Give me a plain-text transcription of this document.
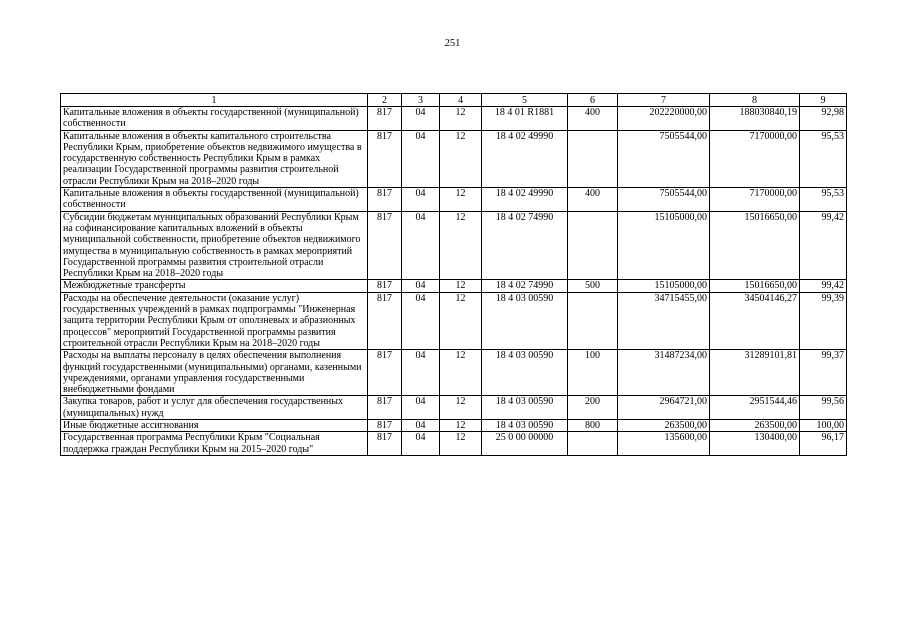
251
1	2	3	4	5	6	7	8	9
Капитальные вложения в объекты государственной (муниципальной) собственности	817	04	12	18 4 01 R1881	400	202220000,00	188030840,19	92,98
Капитальные вложения в объекты капитального строительства Республики Крым, приобретение объектов недвижимого имущества в государственную собственность Республики Крым в рамках реализации Государственной программы развития строительной отрасли Республики Крым на 2018–2020 годы	817	04	12	18 4 02 49990		7505544,00	7170000,00	95,53
Капитальные вложения в объекты государственной (муниципальной) собственности	817	04	12	18 4 02 49990	400	7505544,00	7170000,00	95,53
Субсидии бюджетам муниципальных образований Республики Крым на софинансирование капитальных вложений в объекты муниципальной собственности, приобретение объектов недвижимого имущества в муниципальную собственность в рамках мероприятий Государственной программы развития строительной отрасли Республики Крым на 2018–2020 годы	817	04	12	18 4 02 74990		15105000,00	15016650,00	99,42
Межбюджетные трансферты	817	04	12	18 4 02 74990	500	15105000,00	15016650,00	99,42
Расходы на обеспечение деятельности (оказание услуг) государственных учреждений в рамках подпрограммы "Инженерная защита территории Республики Крым от оползневых и абразионных процессов" мероприятий Государственной программы развития строительной отрасли Республики Крым на 2018–2020 годы	817	04	12	18 4 03 00590		34715455,00	34504146,27	99,39
Расходы на выплаты персоналу в целях обеспечения выполнения функций государственными (муниципальными) органами, казенными учреждениями, органами управления государственными внебюджетными фондами	817	04	12	18 4 03 00590	100	31487234,00	31289101,81	99,37
Закупка товаров, работ и услуг для обеспечения государственных (муниципальных) нужд	817	04	12	18 4 03 00590	200	2964721,00	2951544,46	99,56
Иные бюджетные ассигнования	817	04	12	18 4 03 00590	800	263500,00	263500,00	100,00
Государственная программа Республики Крым "Социальная поддержка граждан Республики Крым на 2015–2020 годы"	817	04	12	25 0 00 00000		135600,00	130400,00	96,17
